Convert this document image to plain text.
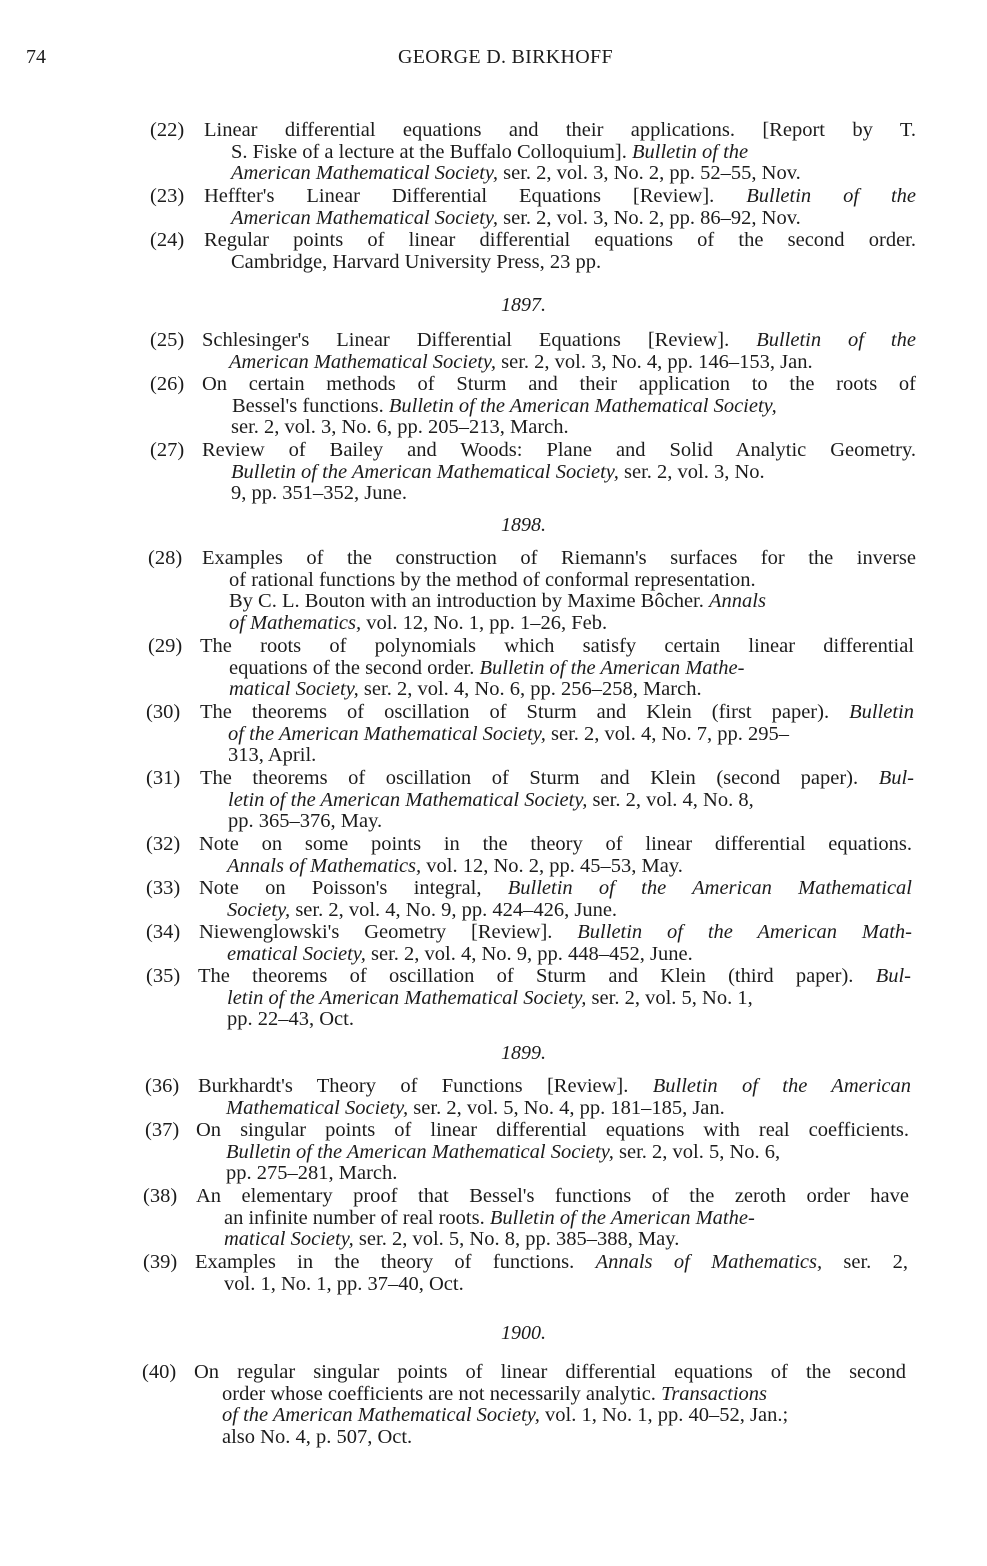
74	GEORGE D. BIRKHOFF
(22) Linear differential equations and their applications. [Report by T.
S. Fiske of a lecture at the Buffalo Colloquium]. Bulletin of the
American Mathematical Society, ser. 2, vol. 3, No. 2, pp. 52–55, Nov.
(23) Heffter's Linear Differential Equations [Review]. Bulletin of the
American Mathematical Society, ser. 2, vol. 3, No. 2, pp. 86–92, Nov.
(24) Regular points of linear differential equations of the second order.
Cambridge, Harvard University Press, 23 pp.
1897.
(25) Schlesinger's Linear Differential Equations [Review]. Bulletin of the
American Mathematical Society, ser. 2, vol. 3, No. 4, pp. 146–153, Jan.
(26) On certain methods of Sturm and their application to the roots of
Bessel's functions. Bulletin of the American Mathematical Society,
ser. 2, vol. 3, No. 6, pp. 205–213, March.
(27) Review of Bailey and Woods: Plane and Solid Analytic Geometry.
Bulletin of the American Mathematical Society, ser. 2, vol. 3, No.
9, pp. 351–352, June.
1898.
(28) Examples of the construction of Riemann's surfaces for the inverse
of rational functions by the method of conformal representation.
By C. L. Bouton with an introduction by Maxime Bôcher. Annals
of Mathematics, vol. 12, No. 1, pp. 1–26, Feb.
(29) The roots of polynomials which satisfy certain linear differential
equations of the second order. Bulletin of the American Mathe-
matical Society, ser. 2, vol. 4, No. 6, pp. 256–258, March.
(30) The theorems of oscillation of Sturm and Klein (first paper). Bulletin
of the American Mathematical Society, ser. 2, vol. 4, No. 7, pp. 295–
313, April.
(31) The theorems of oscillation of Sturm and Klein (second paper). Bul-
letin of the American Mathematical Society, ser. 2, vol. 4, No. 8,
pp. 365–376, May.
(32) Note on some points in the theory of linear differential equations.
Annals of Mathematics, vol. 12, No. 2, pp. 45–53, May.
(33) Note on Poisson's integral, Bulletin of the American Mathematical
Society, ser. 2, vol. 4, No. 9, pp. 424–426, June.
(34) Niewenglowski's Geometry [Review]. Bulletin of the American Math-
ematical Society, ser. 2, vol. 4, No. 9, pp. 448–452, June.
(35) The theorems of oscillation of Sturm and Klein (third paper). Bul-
letin of the American Mathematical Society, ser. 2, vol. 5, No. 1,
pp. 22–43, Oct.
1899.
(36) Burkhardt's Theory of Functions [Review]. Bulletin of the American
Mathematical Society, ser. 2, vol. 5, No. 4, pp. 181–185, Jan.
(37) On singular points of linear differential equations with real coefficients.
Bulletin of the American Mathematical Society, ser. 2, vol. 5, No. 6,
pp. 275–281, March.
(38) An elementary proof that Bessel's functions of the zeroth order have
an infinite number of real roots. Bulletin of the American Mathe-
matical Society, ser. 2, vol. 5, No. 8, pp. 385–388, May.
(39) Examples in the theory of functions. Annals of Mathematics, ser. 2,
vol. 1, No. 1, pp. 37–40, Oct.
1900.
(40) On regular singular points of linear differential equations of the second
order whose coefficients are not necessarily analytic. Transactions
of the American Mathematical Society, vol. 1, No. 1, pp. 40–52, Jan.;
also No. 4, p. 507, Oct.
